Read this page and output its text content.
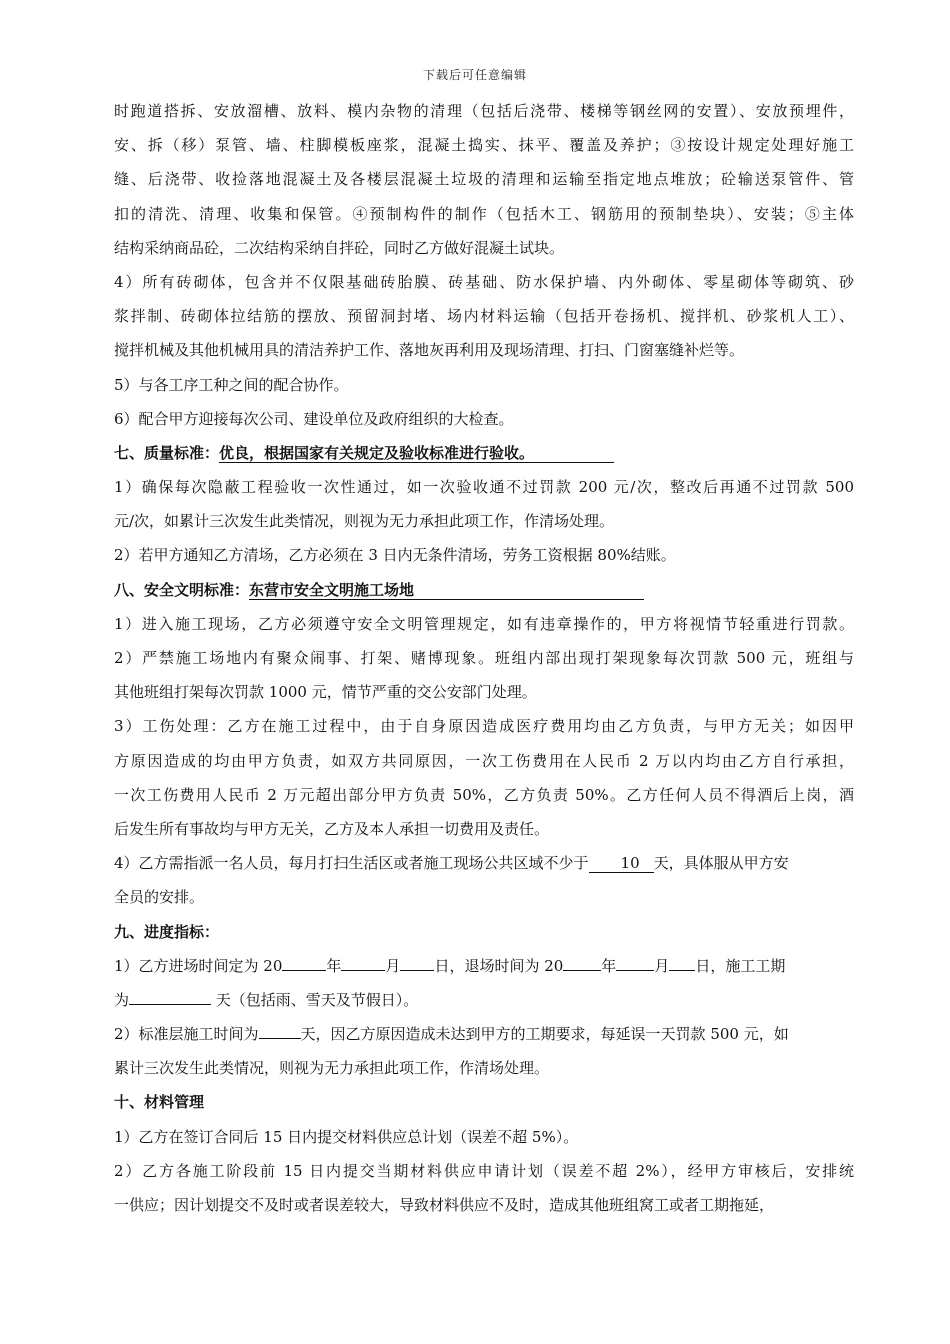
下载后可任意编辑
时跑道搭拆、安放溜槽、放料、模内杂物的清理（包括后浇带、楼梯等钢丝网的安置）、安放预埋件，
安、拆（移）泵管、墙、柱脚模板座浆，混凝土捣实、抹平、覆盖及养护；③按设计规定处理好施工
缝、后浇带、收捡落地混凝土及各楼层混凝土垃圾的清理和运输至指定地点堆放；砼输送泵管件、管
扣的清洗、清理、收集和保管。④预制构件的制作（包括木工、钢筋用的预制垫块）、安装；⑤主体
结构采纳商品砼，二次结构采纳自拌砼，同时乙方做好混凝土试块。
4）所有砖砌体，包含并不仅限基础砖胎膜、砖基础、防水保护墙、内外砌体、零星砌体等砌筑、砂
浆拌制、砖砌体拉结筋的摆放、预留洞封堵、场内材料运输（包括开卷扬机、搅拌机、砂浆机人工）、
搅拌机械及其他机械用具的清洁养护工作、落地灰再利用及现场清理、打扫、门窗塞缝补烂等。
5）与各工序工种之间的配合协作。
6）配合甲方迎接每次公司、建设单位及政府组织的大检查。
七、质量标准：优良，根据国家有关规定及验收标准进行验收。
1）确保每次隐蔽工程验收一次性通过，如一次验收通不过罚款 200 元/次，整改后再通不过罚款 500
元/次，如累计三次发生此类情况，则视为无力承担此项工作，作清场处理。
2）若甲方通知乙方清场，乙方必须在 3 日内无条件清场，劳务工资根据 80%结账。
八、安全文明标准：东营市安全文明施工场地
1）进入施工现场，乙方必须遵守安全文明管理规定，如有违章操作的，甲方将视情节轻重进行罚款。
2）严禁施工场地内有聚众闹事、打架、赌博现象。班组内部出现打架现象每次罚款 500 元，班组与
其他班组打架每次罚款 1000 元，情节严重的交公安部门处理。
3）工伤处理：乙方在施工过程中，由于自身原因造成医疗费用均由乙方负责，与甲方无关；如因甲
方原因造成的均由甲方负责，如双方共同原因，一次工伤费用在人民币 2 万以内均由乙方自行承担，
一次工伤费用人民币 2 万元超出部分甲方负责 50%，乙方负责 50%。乙方任何人员不得酒后上岗，酒
后发生所有事故均与甲方无关，乙方及本人承担一切费用及责任。
4）乙方需指派一名人员，每月打扫生活区或者施工现场公共区域不少于 10 天，具体服从甲方安
全员的安排。
九、进度指标：
1）乙方进场时间定为 20	年	月 日，退场时间为 20	年	月 日，施工工期
为	天（包括雨、雪天及节假日）。
2）标准层施工时间为	天，因乙方原因造成未达到甲方的工期要求，每延误一天罚款 500 元，如
累计三次发生此类情况，则视为无力承担此项工作，作清场处理。
十、材料管理
1）乙方在签订合同后 15 日内提交材料供应总计划（误差不超 5%）。
2）乙方各施工阶段前 15 日内提交当期材料供应申请计划（误差不超 2%），经甲方审核后，安排统
一供应；因计划提交不及时或者误差较大，导致材料供应不及时，造成其他班组窝工或者工期拖延，
